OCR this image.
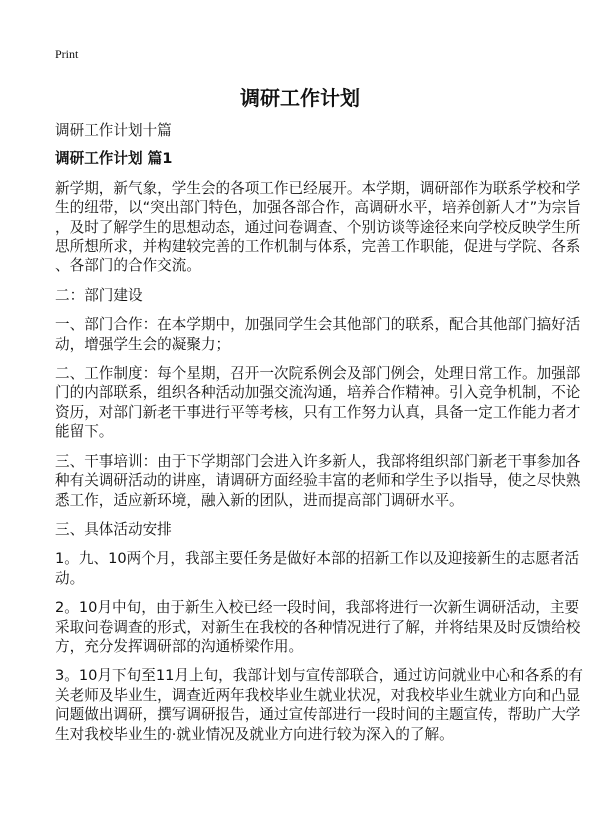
Print
调研工作计划
调研工作计划十篇
调研工作计划 篇1
新学期，新气象，学生会的各项工作已经展开。本学期，调研部作为联系学校和学
生的纽带，以“突出部门特色，加强各部合作，高调研水平，培养创新人才”为宗旨
，及时了解学生的思想动态，通过问卷调查、个别访谈等途径来向学校反映学生所
思所想所求，并构建较完善的工作机制与体系，完善工作职能，促进与学院、各系
、各部门的合作交流。
二：部门建设
一、部门合作：在本学期中，加强同学生会其他部门的联系，配合其他部门搞好活
动，增强学生会的凝聚力；
二、工作制度：每个星期，召开一次院系例会及部门例会，处理日常工作。加强部
门的内部联系，组织各种活动加强交流沟通，培养合作精神。引入竞争机制，不论
资历，对部门新老干事进行平等考核，只有工作努力认真，具备一定工作能力者才
能留下。
三、干事培训：由于下学期部门会进入许多新人，我部将组织部门新老干事参加各
种有关调研活动的讲座，请调研方面经验丰富的老师和学生予以指导，使之尽快熟
悉工作，适应新环境，融入新的团队，进而提高部门调研水平。
三、具体活动安排
1。九、10两个月，我部主要任务是做好本部的招新工作以及迎接新生的志愿者活
动。
2。10月中旬，由于新生入校已经一段时间，我部将进行一次新生调研活动，主要
采取问卷调查的形式，对新生在我校的各种情况进行了解，并将结果及时反馈给校
方，充分发挥调研部的沟通桥梁作用。
3。10月下旬至11月上旬，我部计划与宣传部联合，通过访问就业中心和各系的有
关老师及毕业生，调查近两年我校毕业生就业状况，对我校毕业生就业方向和凸显
问题做出调研，撰写调研报告，通过宣传部进行一段时间的主题宣传，帮助广大学
生对我校毕业生的·就业情况及就业方向进行较为深入的了解。
